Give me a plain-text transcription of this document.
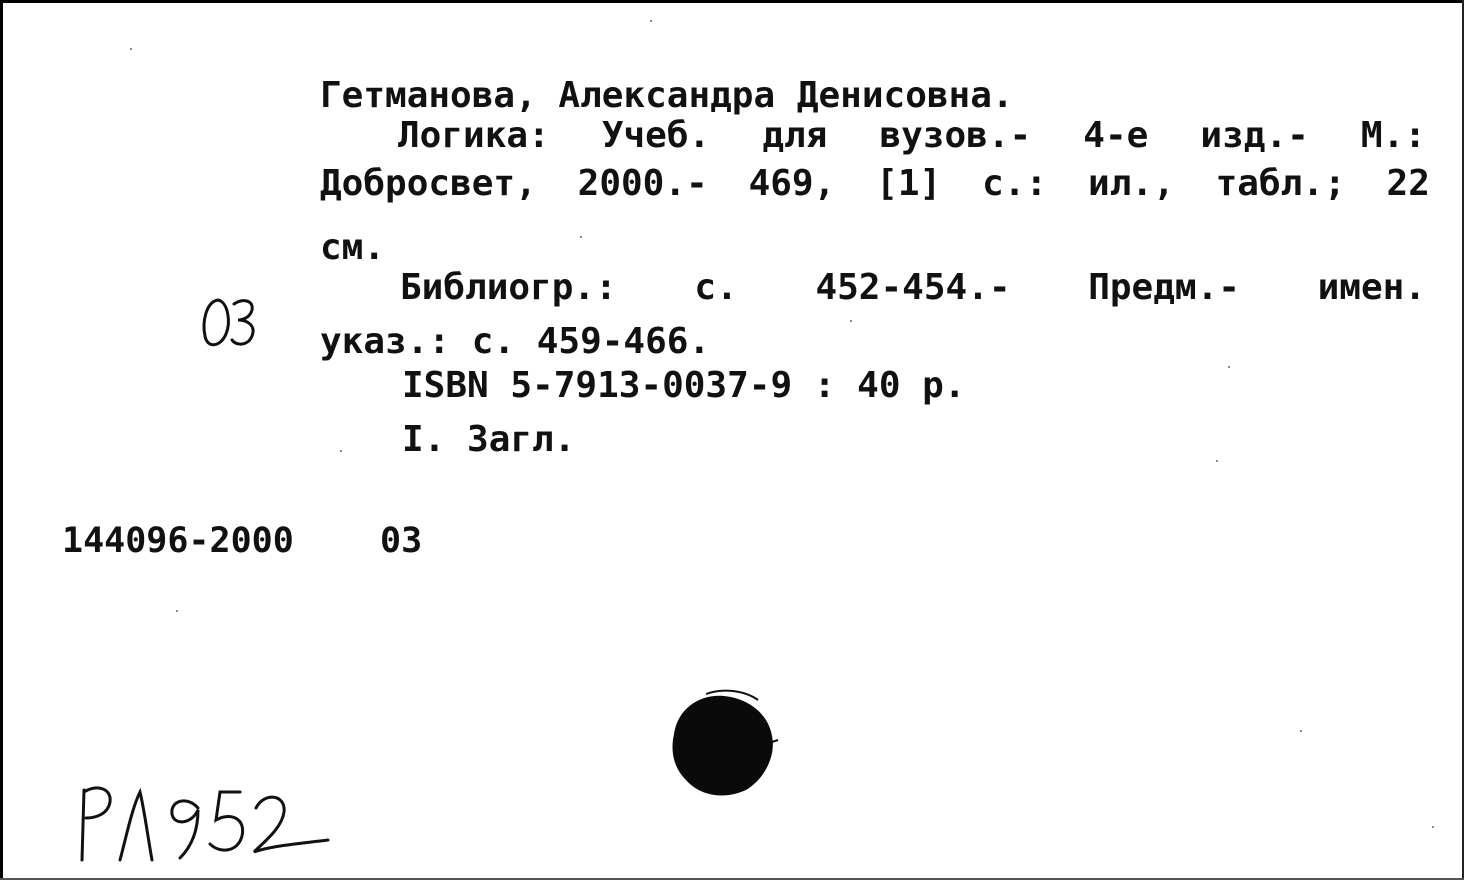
Гетманова, Александра Денисовна.
Логика: Учеб. для вузов.- 4-е изд.- М.:
Добросвет, 2000.- 469, [1] с.: ил., табл.; 22
см.
Библиогр.: с. 452-454.- Предм.- имен.
указ.: с. 459-466.
ISBN 5-7913-0037-9 : 40 р.
I. Загл.
144096-2000 03
